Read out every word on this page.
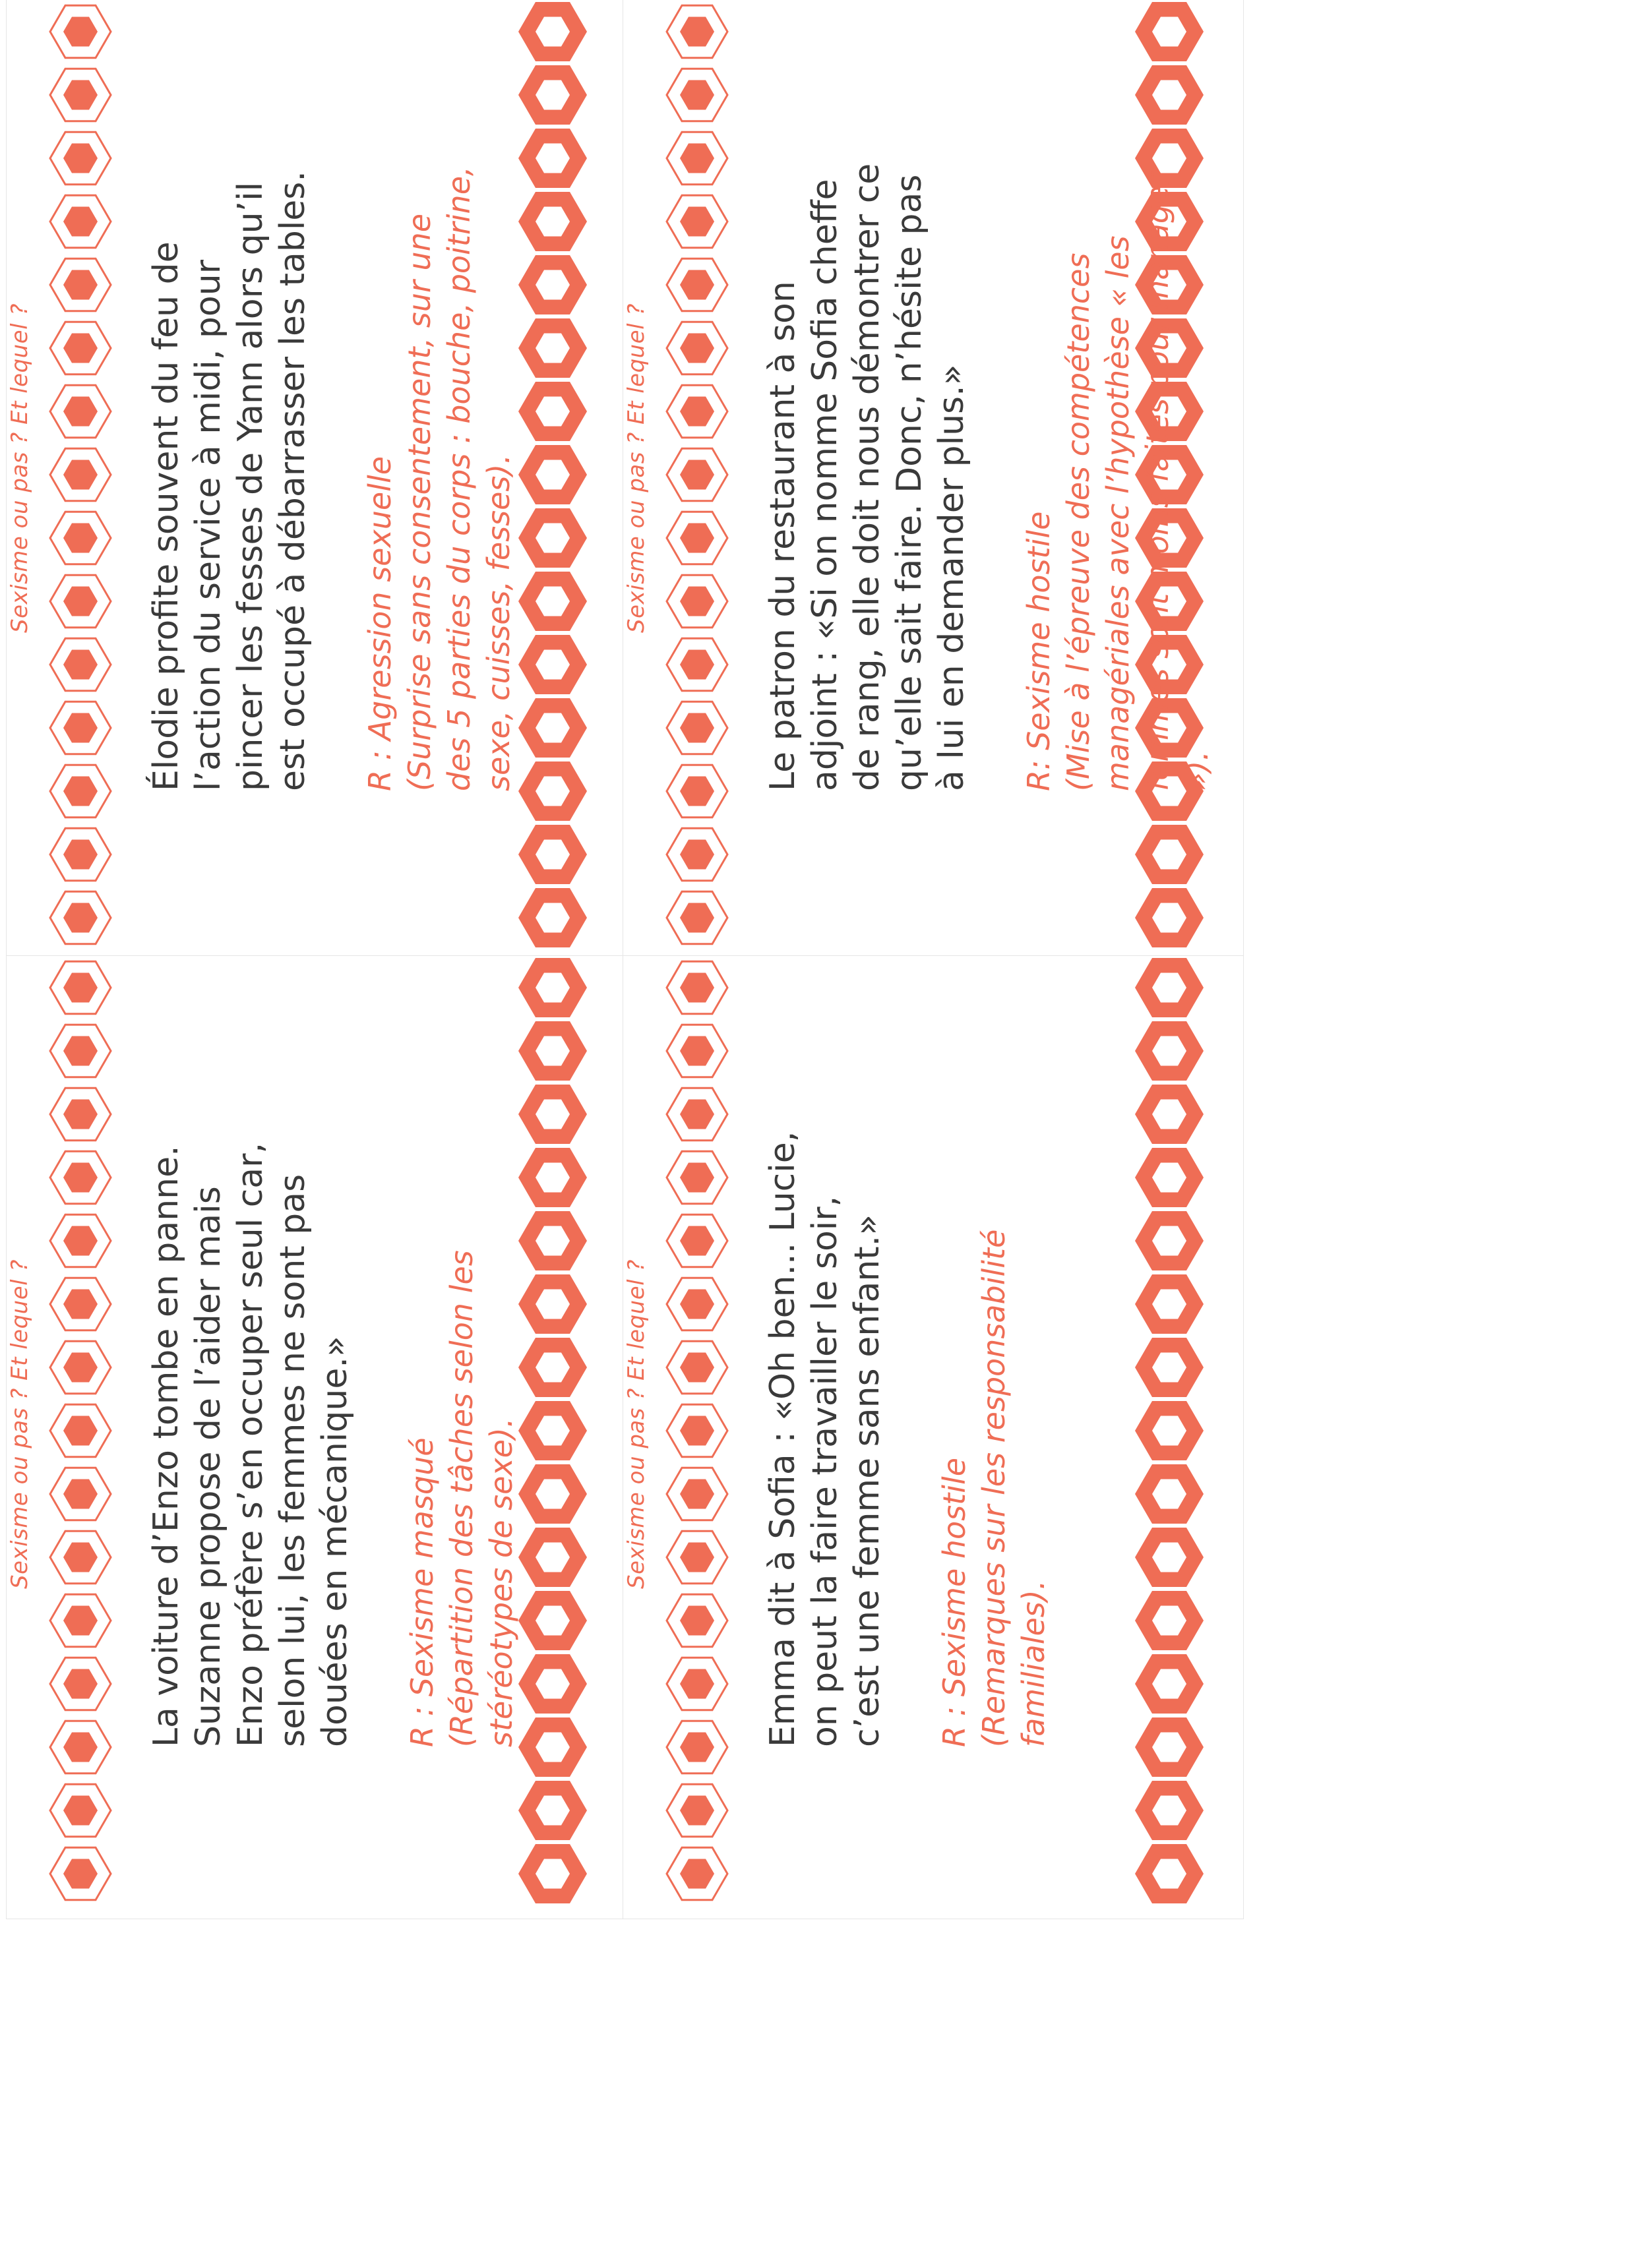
Sexisme ou pas ? Et lequel ?	Élodie profite souvent du feu de l’action du service à midi, pour pincer les fesses de Yann alors qu’il est occupé à débarrasser les tables. R : Agression sexuelle (Surprise sans consentement, sur une des 5 parties du corps : bouche, poitrine, sexe, cuisses, fesses).	Sexisme ou pas ? Et lequel ?	Le patron du restaurant à son adjoint : «Si on nomme Sofia cheffe de rang, elle doit nous démontrer ce qu’elle sait faire. Donc, n’hésite pas à lui en demander plus.» R: Sexisme hostile (Mise à l’épreuve des compétences managériales avec l’hypothèse « les femmes sont moins faites pour manager »).
Sexisme ou pas ? Et lequel ?	La voiture d’Enzo tombe en panne. Suzanne propose de l’aider mais Enzo préfère s’en occuper seul car, selon lui, les femmes ne sont pas douées en mécanique.» R : Sexisme masqué (Répartition des tâches selon les stéréotypes de sexe).	Sexisme ou pas ? Et lequel ?	Emma dit à Sofia : «Oh ben... Lucie, on peut la faire travailler le soir, c’est une femme sans enfant.» R : Sexisme hostile (Remarques sur les responsabilité familiales).
